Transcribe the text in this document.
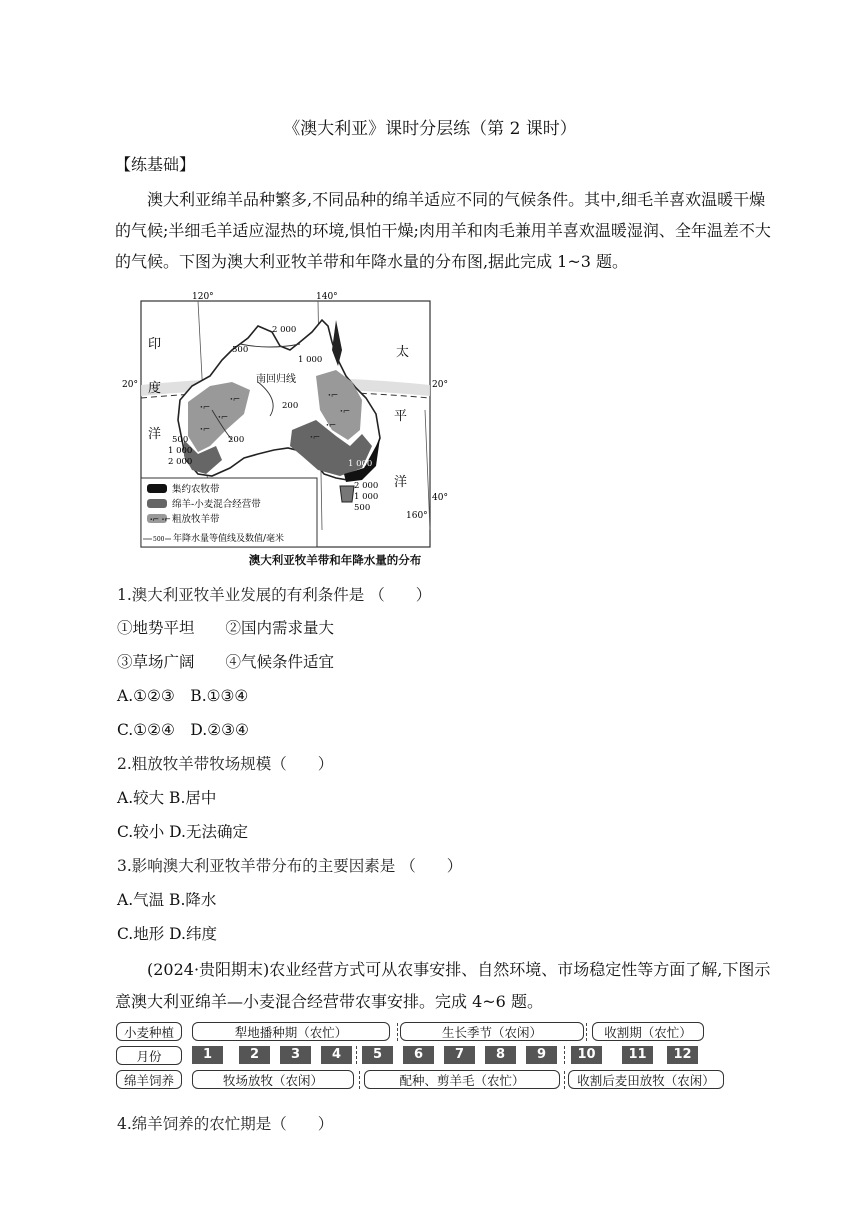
《澳大利亚》课时分层练（第 2 课时）
【练基础】
澳大利亚绵羊品种繁多,不同品种的绵羊适应不同的气候条件。其中,细毛羊喜欢温暖干燥的气候;半细毛羊适应湿热的环境,惧怕干燥;肉用羊和肉毛兼用羊喜欢温暖湿润、全年温差不大的气候。下图为澳大利亚牧羊带和年降水量的分布图,据此完成 1~3 题。
ꞏ⌐
ꞏ⌐
ꞏ⌐
ꞏ⌐	ꞏ⌐
ꞏ⌐
ꞏ⌐
ꞏ⌐
120°	140°
160°
20°	20°
40°
印
度
洋
太
平
洋
南回归线
2 000
500
1 000
200
200
500
1 000
2 000	1 000
2 000
1 000
500
集约农牧带
绵羊-小麦混合经营带
ꞏ⌐ ꞏ⌐ 粗放牧羊带
500 年降水量等值线及数值/毫米
澳大利亚牧羊带和年降水量的分布
1.澳大利亚牧羊业发展的有利条件是 （　　）
①地势平坦　　②国内需求量大
③草场广阔　　④气候条件适宜
A.①②③　B.①③④
C.①②④　D.②③④
2.粗放牧羊带牧场规模（　　）
A.较大 B.居中
C.较小 D.无法确定
3.影响澳大利亚牧羊带分布的主要因素是 （　　）
A.气温 B.降水
C.地形 D.纬度
(2024·贵阳期末)农业经营方式可从农事安排、自然环境、市场稳定性等方面了解,下图示意澳大利亚绵羊—小麦混合经营带农事安排。完成 4~6 题。
小麦种植	犁地播种期（农忙）	生长季节（农闲）	收割期（农忙）
月份	1	2	3	4	5	6	7	8	9	10	11	12
绵羊饲养	牧场放牧（农闲）	配种、剪羊毛（农忙）	收割后麦田放牧（农闲）
4.绵羊饲养的农忙期是（　　）
